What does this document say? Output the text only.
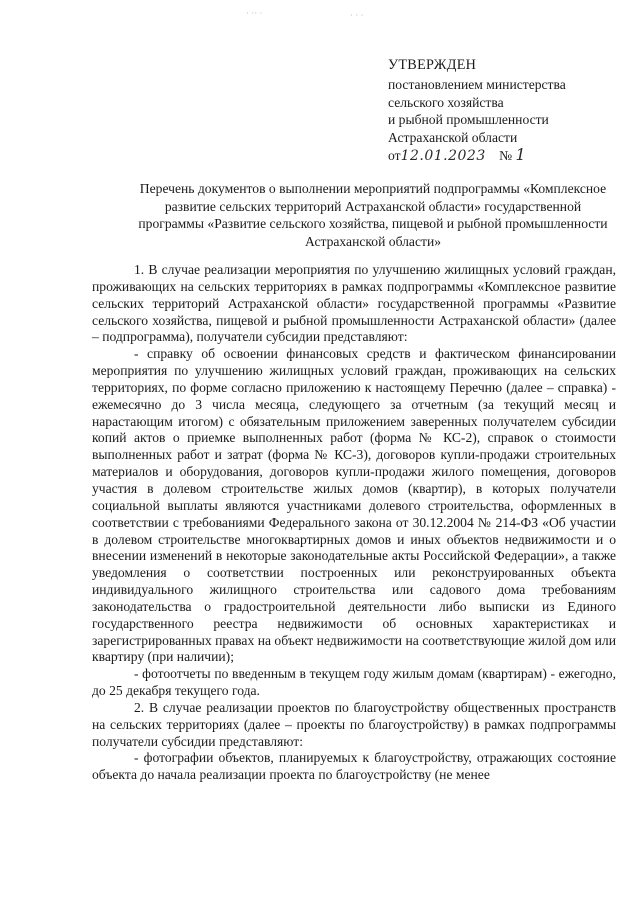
· ·· ·	· · ·
УТВЕРЖДЕН
постановлением министерства
сельского хозяйства
и рыбной промышленности
Астраханской области
от12.01.2023 № 1
Перечень документов о выполнении мероприятий подпрограммы «Комплексное развитие сельских территорий Астраханской области» государственной программы «Развитие сельского хозяйства, пищевой и рыбной промышленности Астраханской области»

1. В случае реализации мероприятия по улучшению жилищных условий граждан, проживающих на сельских территориях в рамках подпрограммы «Комплексное развитие сельских территорий Астраханской области» государственной программы «Развитие сельского хозяйства, пищевой и рыбной промышленности Астраханской области» (далее – подпрограмма), получатели субсидии представляют:

- справку об освоении финансовых средств и фактическом финансировании мероприятия по улучшению жилищных условий граждан, проживающих на сельских территориях, по форме согласно приложению к настоящему Перечню (далее – справка) - ежемесячно до 3 числа месяца, следующего за отчетным (за текущий месяц и нарастающим итогом) с обязательным приложением заверенных получателем субсидии копий актов о приемке выполненных работ (форма № КС-2), справок о стоимости выполненных работ и затрат (форма № КС-3), договоров купли-продажи строительных материалов и оборудования, договоров купли-продажи жилого помещения, договоров участия в долевом строительстве жилых домов (квартир), в которых получатели социальной выплаты являются участниками долевого строительства, оформленных в соответствии с требованиями Федерального закона от 30.12.2004 № 214-ФЗ «Об участии в долевом строительстве многоквартирных домов и иных объектов недвижимости и о внесении изменений в некоторые законодательные акты Российской Федерации», а также уведомления о соответствии построенных или реконструированных объекта индивидуального жилищного строительства или садового дома требованиям законодательства о градостроительной деятельности либо выписки из Единого государственного реестра недвижимости об основных характеристиках и зарегистрированных правах на объект недвижимости на соответствующие жилой дом или квартиру (при наличии);

- фотоотчеты по введенным в текущем году жилым домам (квартирам) - ежегодно, до 25 декабря текущего года.

2. В случае реализации проектов по благоустройству общественных пространств на сельских территориях (далее – проекты по благоустройству) в рамках подпрограммы получатели субсидии представляют:

- фотографии объектов, планируемых к благоустройству, отражающих состояние объекта до начала реализации проекта по благоустройству (не менее
